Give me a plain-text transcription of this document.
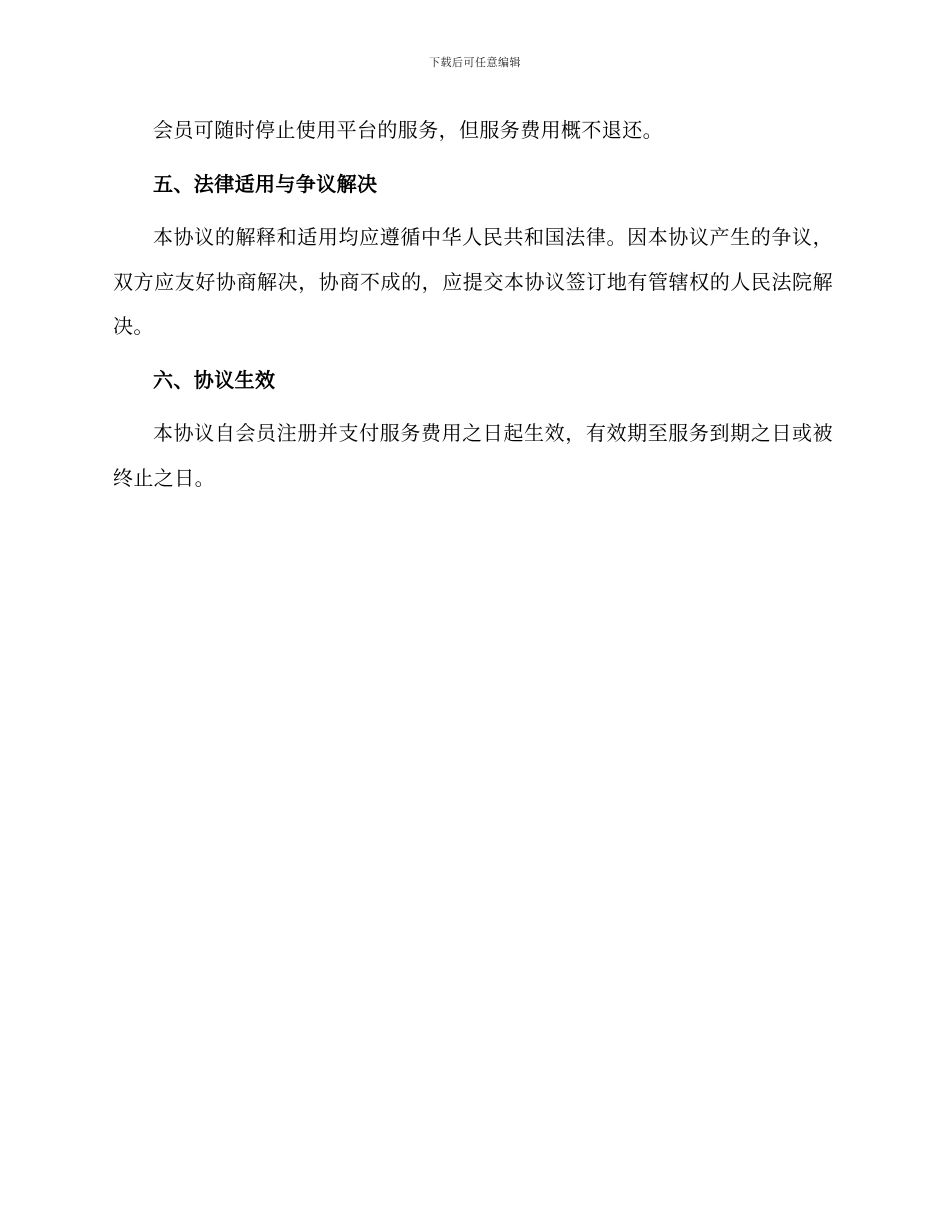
下载后可任意编辑

会员可随时停止使用平台的服务，但服务费用概不退还。

五、法律适用与争议解决

本协议的解释和适用均应遵循中华人民共和国法律。因本协议产生的争议，双方应友好协商解决，协商不成的，应提交本协议签订地有管辖权的人民法院解决。

六、协议生效

本协议自会员注册并支付服务费用之日起生效，有效期至服务到期之日或被终止之日。
